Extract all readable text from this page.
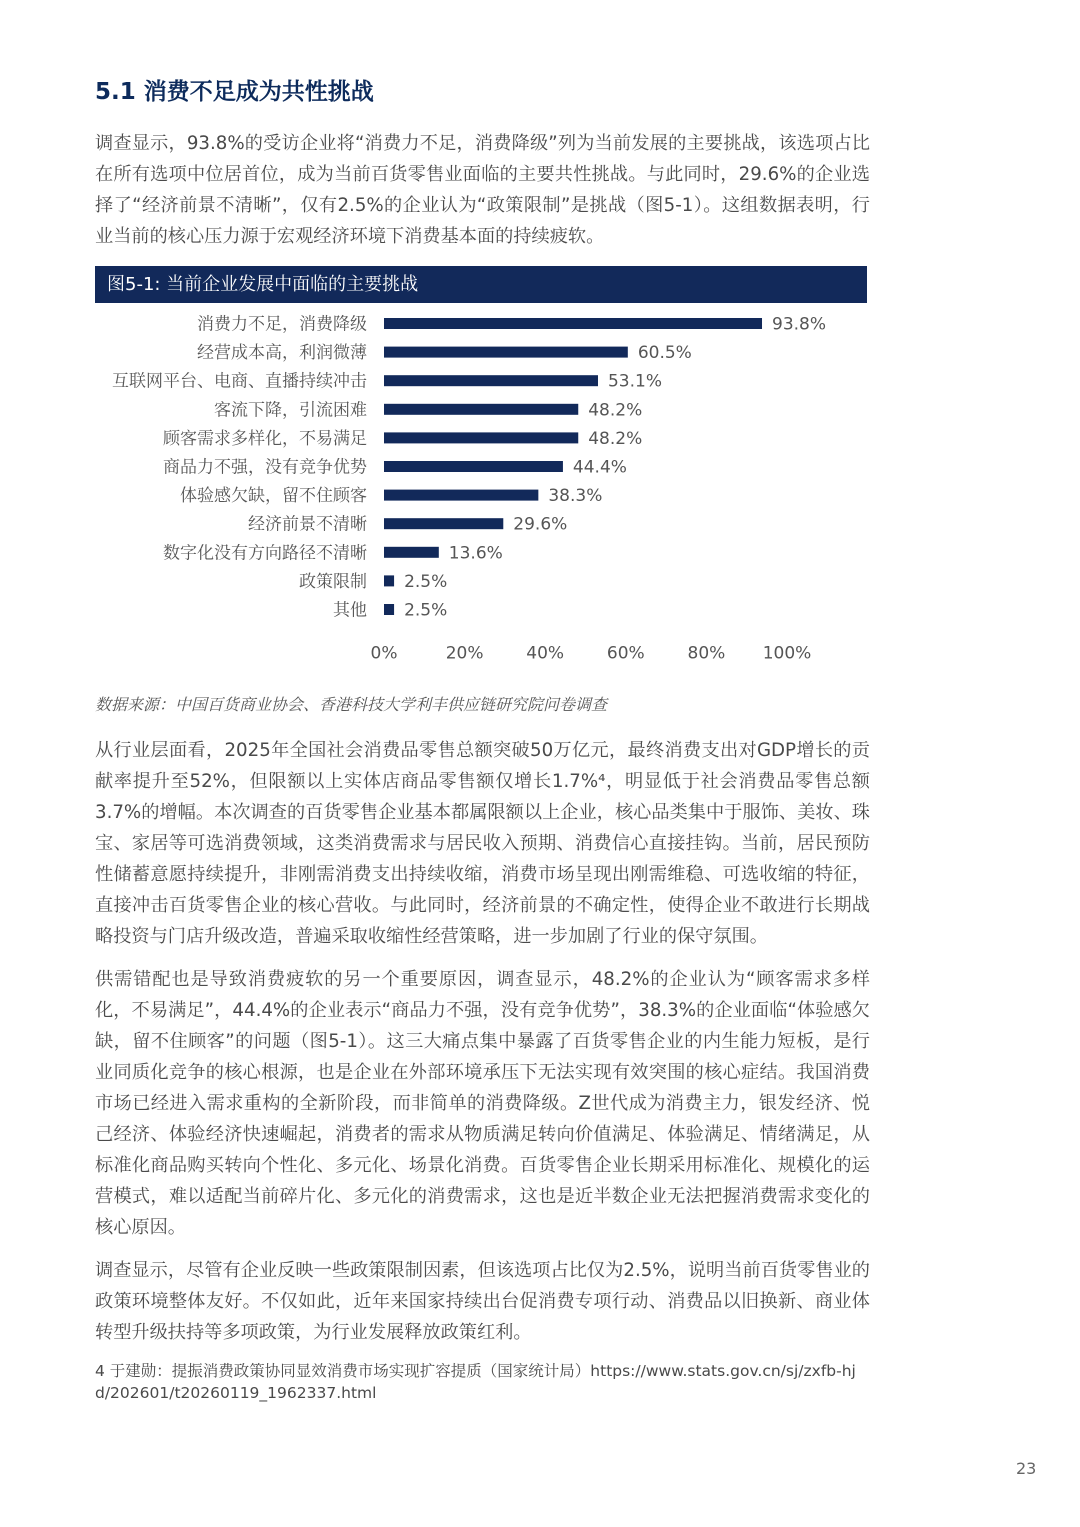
5.1 消费不足成为共性挑战

调查显示，93.8%的受访企业将“消费力不足，消费降级”列为当前发展的主要挑战，该选项占比在所有选项中位居首位，成为当前百货零售业面临的主要共性挑战。与此同时，29.6%的企业选择了“经济前景不清晰”，仅有2.5%的企业认为“政策限制”是挑战（图5-1）。这组数据表明，行业当前的核心压力源于宏观经济环境下消费基本面的持续疲软。

图5-1: 当前企业发展中面临的主要挑战
消费力不足，消费降级	93.8%
经营成本高，利润微薄	60.5%
互联网平台、电商、直播持续冲击	53.1%
客流下降，引流困难	48.2%
顾客需求多样化，不易满足	48.2%
商品力不强，没有竞争优势	44.4%
体验感欠缺，留不住顾客	38.3%
经济前景不清晰	29.6%
数字化没有方向路径不清晰	13.6%
政策限制 2.5%
其他 2.5%
0%	20%	40%	60%	80% 100%

数据来源：中国百货商业协会、香港科技大学利丰供应链研究院问卷调查

从行业层面看，2025年全国社会消费品零售总额突破50万亿元，最终消费支出对GDP增长的贡献率提升至52%，但限额以上实体店商品零售额仅增长1.7%⁴，明显低于社会消费品零售总额3.7%的增幅。本次调查的百货零售企业基本都属限额以上企业，核心品类集中于服饰、美妆、珠宝、家居等可选消费领域，这类消费需求与居民收入预期、消费信心直接挂钩。当前，居民预防性储蓄意愿持续提升，非刚需消费支出持续收缩，消费市场呈现出刚需维稳、可选收缩的特征，直接冲击百货零售企业的核心营收。与此同时，经济前景的不确定性，使得企业不敢进行长期战略投资与门店升级改造，普遍采取收缩性经营策略，进一步加剧了行业的保守氛围。

供需错配也是导致消费疲软的另一个重要原因，调查显示，48.2%的企业认为“顾客需求多样化，不易满足”，44.4%的企业表示“商品力不强，没有竞争优势”，38.3%的企业面临“体验感欠缺，留不住顾客”的问题（图5-1）。这三大痛点集中暴露了百货零售企业的内生能力短板，是行业同质化竞争的核心根源，也是企业在外部环境承压下无法实现有效突围的核心症结。我国消费市场已经进入需求重构的全新阶段，而非简单的消费降级。Z世代成为消费主力，银发经济、悦己经济、体验经济快速崛起，消费者的需求从物质满足转向价值满足、体验满足、情绪满足，从标准化商品购买转向个性化、多元化、场景化消费。百货零售企业长期采用标准化、规模化的运营模式，难以适配当前碎片化、多元化的消费需求，这也是近半数企业无法把握消费需求变化的核心原因。

调查显示，尽管有企业反映一些政策限制因素，但该选项占比仅为2.5%，说明当前百货零售业的政策环境整体友好。不仅如此，近年来国家持续出台促消费专项行动、消费品以旧换新、商业体转型升级扶持等多项政策，为行业发展释放政策红利。

4 于建勋：提振消费政策协同显效消费市场实现扩容提质（国家统计局）https://www.stats.gov.cn/sj/zxfb-hjd/202601/t20260119_1962337.html
23
